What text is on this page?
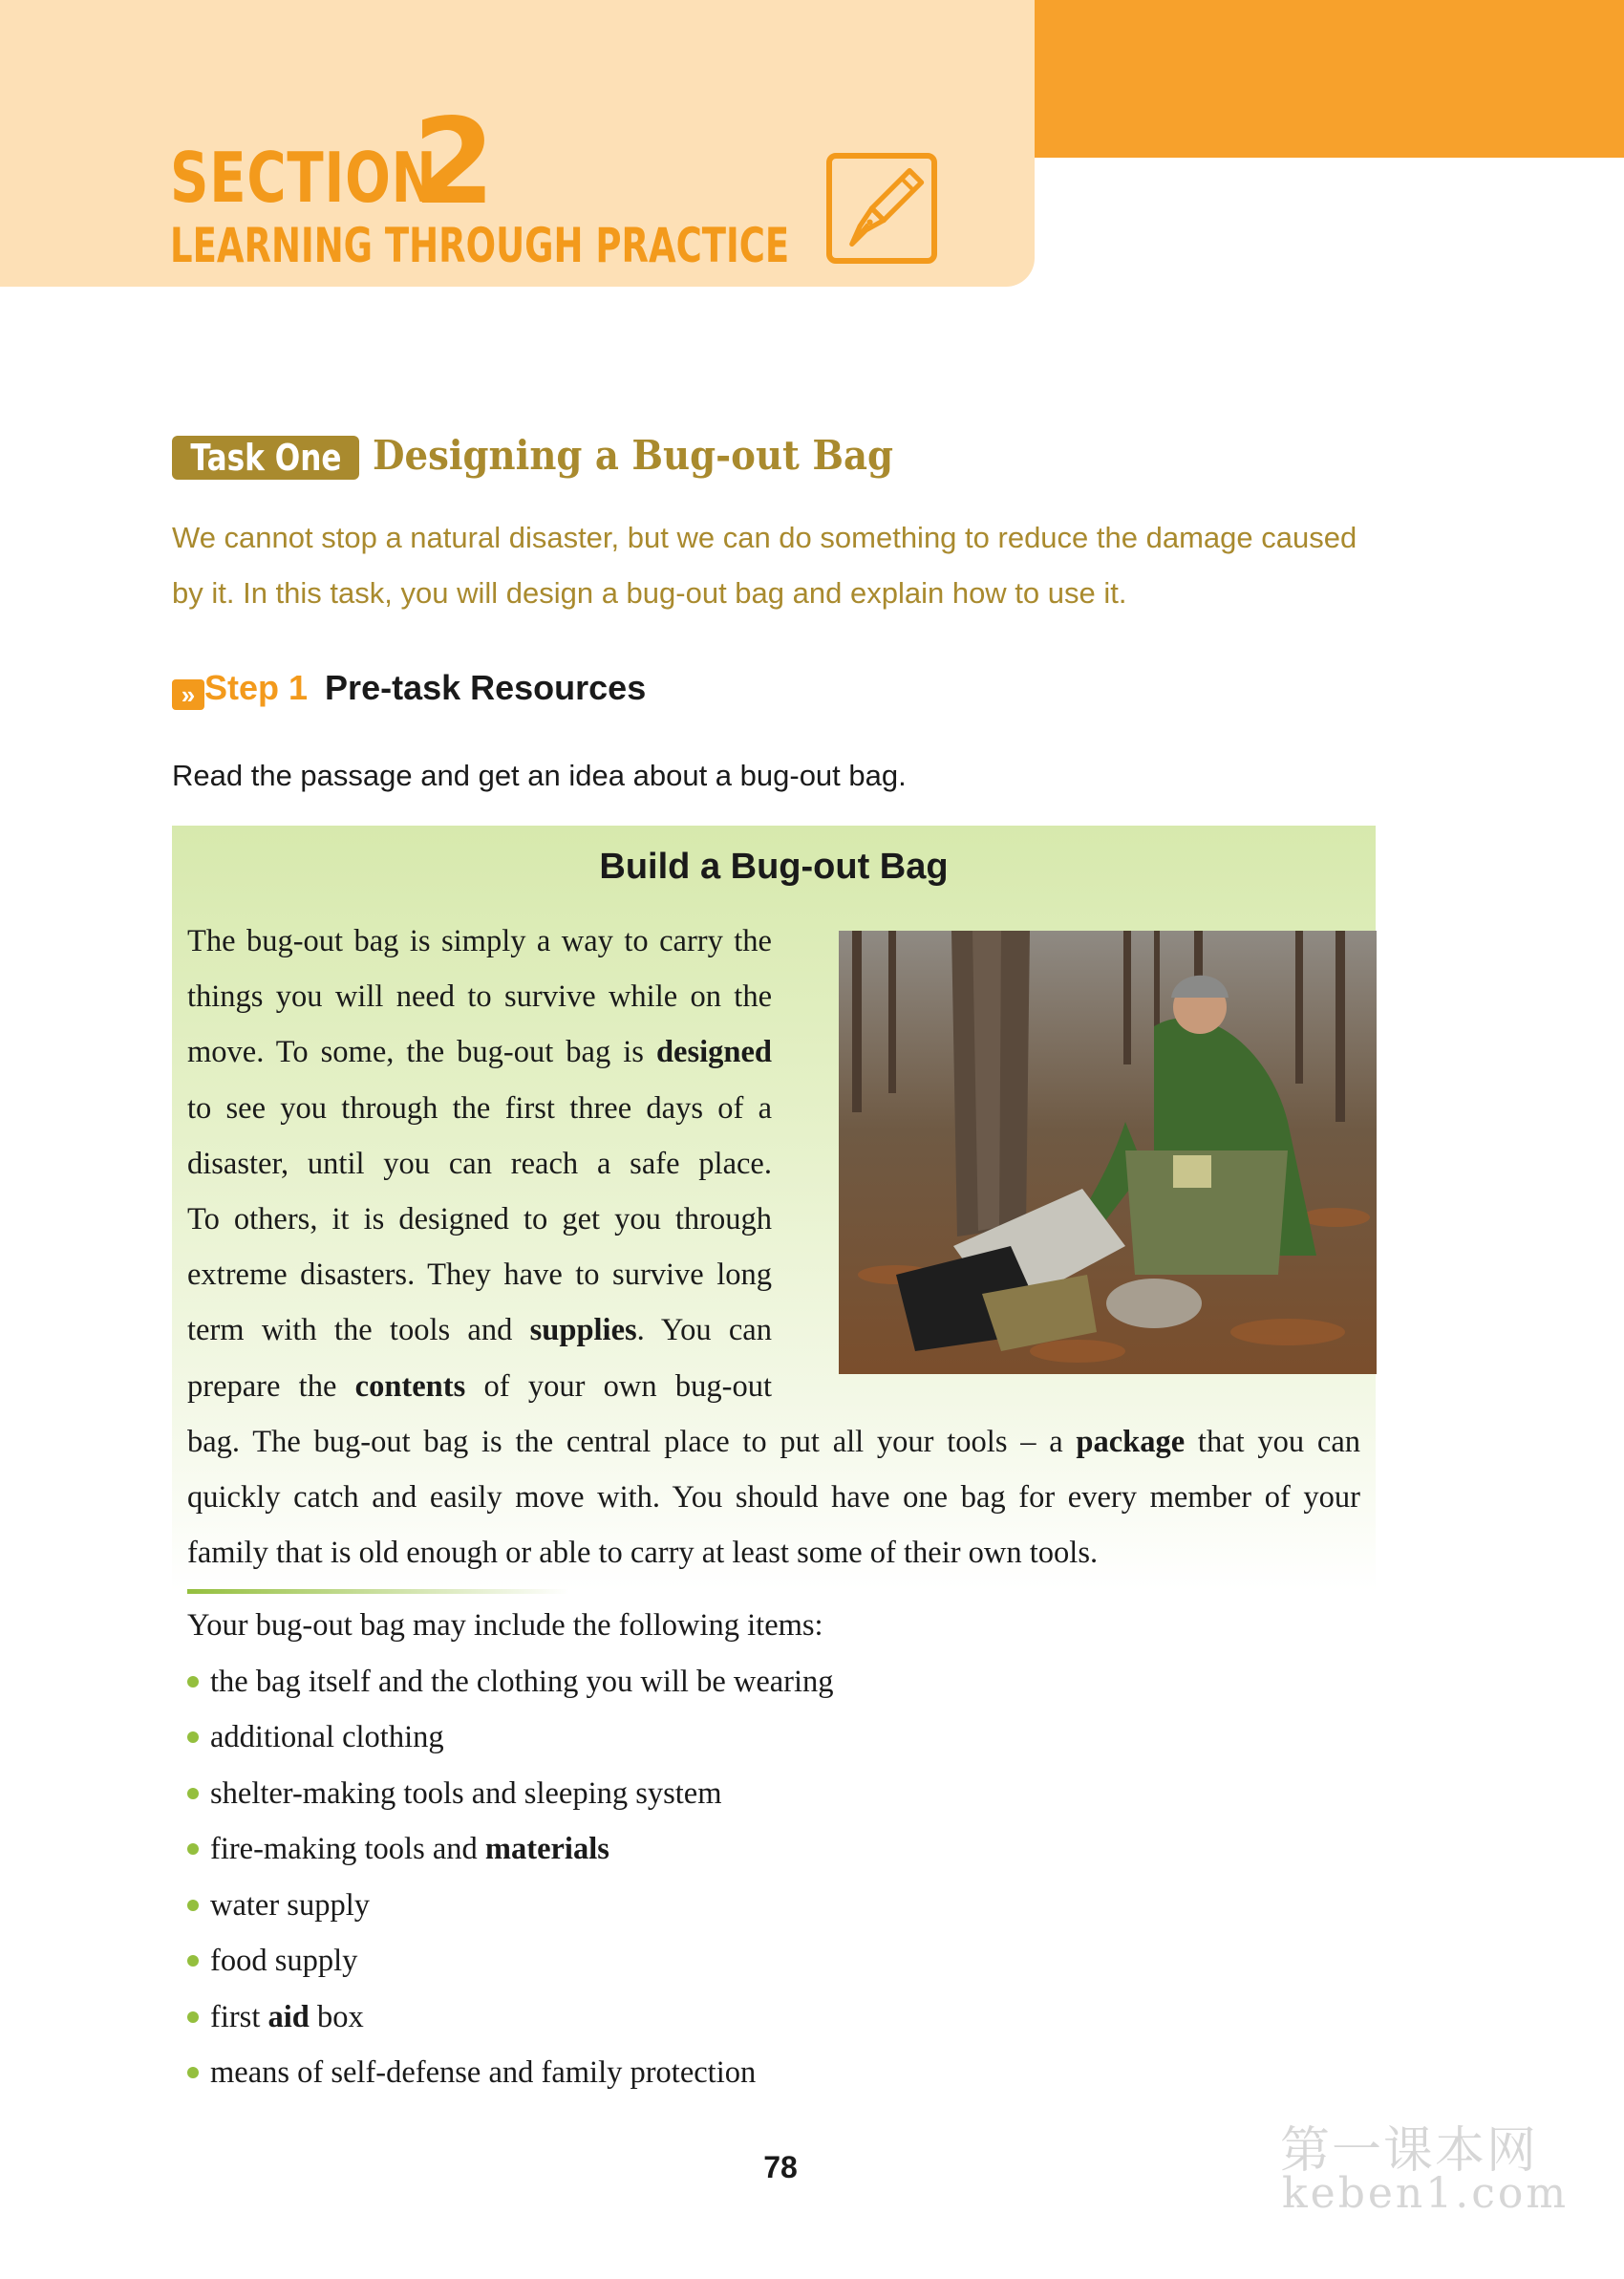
SECTION
2
LEARNING THROUGH PRACTICE
Task One Designing a Bug-out Bag
We cannot stop a natural disaster, but we can do something to reduce the damage caused by it. In this task, you will design a bug-out bag and explain how to use it.
» Step 1 Pre-task Resources
Read the passage and get an idea about a bug-out bag.
Build a Bug-out Bag
The bug-out bag is simply a way to carry the
things you will need to survive while on the
move. To some, the bug-out bag is designed
to see you through the first three days of a
disaster, until you can reach a safe place.
To others, it is designed to get you through
extreme disasters. They have to survive long
term with the tools and supplies. You can
prepare the contents of your own bug-out
bag. The bug-out bag is the central place to put all your tools – a package that you can
quickly catch and easily move with. You should have one bag for every member of your
family that is old enough or able to carry at least some of their own tools.
Your bug-out bag may include the following items:
the bag itself and the clothing you will be wearing
additional clothing
shelter-making tools and sleeping system
fire-making tools and materials
water supply
food supply
first aid box
means of self-defense and family protection
78	第一课本网
keben1.com
